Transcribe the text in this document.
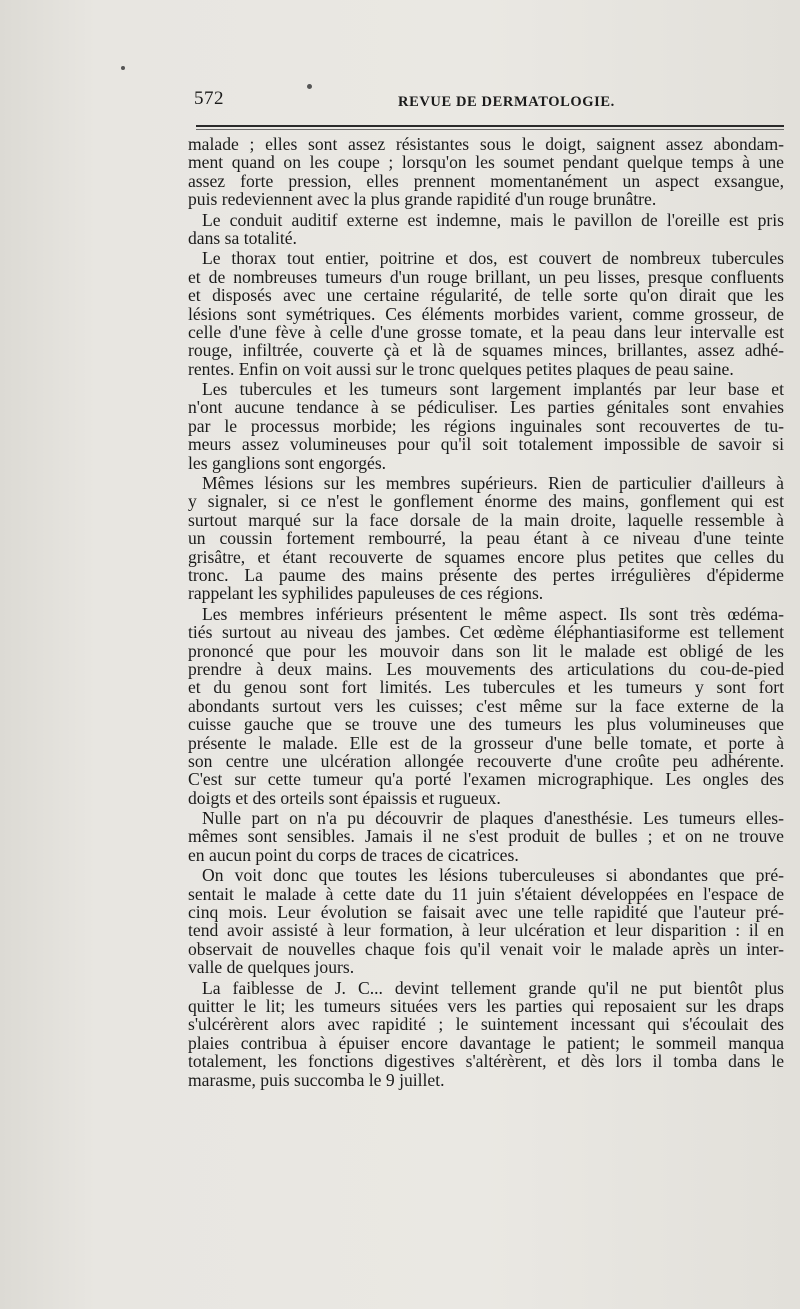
572	REVUE DE DERMATOLOGIE.
malade ; elles sont assez résistantes sous le doigt, saignent assez abondam-
ment quand on les coupe ; lorsqu'on les soumet pendant quelque temps à une
assez forte pression, elles prennent momentanément un aspect exsangue,
puis redeviennent avec la plus grande rapidité d'un rouge brunâtre.
Le conduit auditif externe est indemne, mais le pavillon de l'oreille est pris
dans sa totalité.
Le thorax tout entier, poitrine et dos, est couvert de nombreux tubercules
et de nombreuses tumeurs d'un rouge brillant, un peu lisses, presque confluents
et disposés avec une certaine régularité, de telle sorte qu'on dirait que les
lésions sont symétriques. Ces éléments morbides varient, comme grosseur, de
celle d'une fève à celle d'une grosse tomate, et la peau dans leur intervalle est
rouge, infiltrée, couverte çà et là de squames minces, brillantes, assez adhé-
rentes. Enfin on voit aussi sur le tronc quelques petites plaques de peau saine.
Les tubercules et les tumeurs sont largement implantés par leur base et
n'ont aucune tendance à se pédiculiser. Les parties génitales sont envahies
par le processus morbide; les régions inguinales sont recouvertes de tu-
meurs assez volumineuses pour qu'il soit totalement impossible de savoir si
les ganglions sont engorgés.
Mêmes lésions sur les membres supérieurs. Rien de particulier d'ailleurs à
y signaler, si ce n'est le gonflement énorme des mains, gonflement qui est
surtout marqué sur la face dorsale de la main droite, laquelle ressemble à
un coussin fortement rembourré, la peau étant à ce niveau d'une teinte
grisâtre, et étant recouverte de squames encore plus petites que celles du
tronc. La paume des mains présente des pertes irrégulières d'épiderme
rappelant les syphilides papuleuses de ces régions.
Les membres inférieurs présentent le même aspect. Ils sont très œdéma-
tiés surtout au niveau des jambes. Cet œdème éléphantiasiforme est tellement
prononcé que pour les mouvoir dans son lit le malade est obligé de les
prendre à deux mains. Les mouvements des articulations du cou-de-pied
et du genou sont fort limités. Les tubercules et les tumeurs y sont fort
abondants surtout vers les cuisses; c'est même sur la face externe de la
cuisse gauche que se trouve une des tumeurs les plus volumineuses que
présente le malade. Elle est de la grosseur d'une belle tomate, et porte à
son centre une ulcération allongée recouverte d'une croûte peu adhérente.
C'est sur cette tumeur qu'a porté l'examen micrographique. Les ongles des
doigts et des orteils sont épaissis et rugueux.
Nulle part on n'a pu découvrir de plaques d'anesthésie. Les tumeurs elles-
mêmes sont sensibles. Jamais il ne s'est produit de bulles ; et on ne trouve
en aucun point du corps de traces de cicatrices.
On voit donc que toutes les lésions tuberculeuses si abondantes que pré-
sentait le malade à cette date du 11 juin s'étaient développées en l'espace de
cinq mois. Leur évolution se faisait avec une telle rapidité que l'auteur pré-
tend avoir assisté à leur formation, à leur ulcération et leur disparition : il en
observait de nouvelles chaque fois qu'il venait voir le malade après un inter-
valle de quelques jours.
La faiblesse de J. C... devint tellement grande qu'il ne put bientôt plus
quitter le lit; les tumeurs situées vers les parties qui reposaient sur les draps
s'ulcérèrent alors avec rapidité ; le suintement incessant qui s'écoulait des
plaies contribua à épuiser encore davantage le patient; le sommeil manqua
totalement, les fonctions digestives s'altérèrent, et dès lors il tomba dans le
marasme, puis succomba le 9 juillet.
